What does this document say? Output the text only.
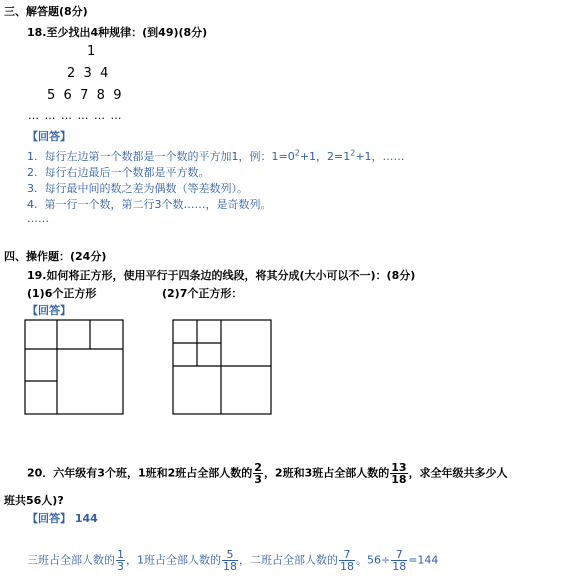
三、解答题(8分)
18.至少找出4种规律：(到49)(8分)
1
2 3 4
5 6 7 8 9
… … … … … …
【回答】
1. 每行左边第一个数都是一个数的平方加1，例：$1=0^2+1$，$2=1^2+1$，……
2. 每行右边最后一个数都是平方数。
3. 每行最中间的数之差为偶数（等差数列）。
4. 第一行一个数，第二行3个数……，是奇数列。
……
四、操作题：(24分)
19.如何将正方形，使用平行于四条边的线段，将其分成(大小可以不一)：(8分)
(1)6个正方形	(2)7个正方形：
【回答】
20．六年级有3个班，1班和2班占全部人数的 $\frac{2}{3}$ ，2班和3班占全部人数的 $\frac{13}{18}$ ，求全年级共多少人
班共56人)?
【回答】 144
三班占全部人数的 $\frac{1}{3}$ ，1班占全部人数的 $\frac{5}{18}$ ，二班占全部人数的 $\frac{7}{18}$ 。$56\div \frac{7}{18} =144$
